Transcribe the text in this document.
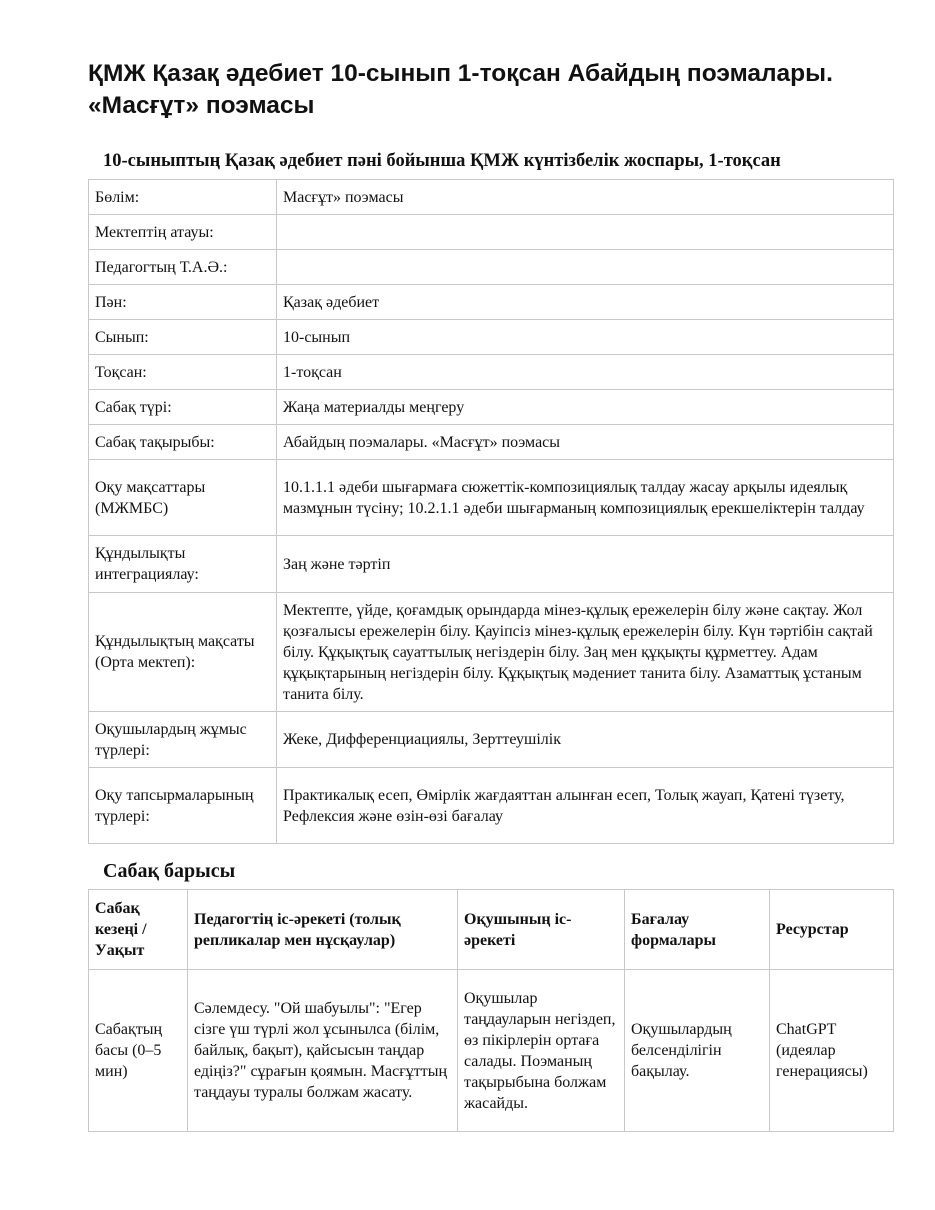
ҚМЖ Қазақ әдебиет 10-сынып 1-тоқсан Абайдың поэмалары. «Масғұт» поэмасы
10-сыныптың Қазақ әдебиет пәні бойынша ҚМЖ күнтізбелік жоспары, 1-тоқсан
Бөлім:	Масғұт» поэмасы
Мектептің атауы:	
Педагогтың Т.А.Ә.:	
Пән:	Қазақ әдебиет
Сынып:	10-сынып
Тоқсан:	1-тоқсан
Сабақ түрі:	Жаңа материалды меңгеру
Сабақ тақырыбы:	Абайдың поэмалары. «Масғұт» поэмасы
Оқу мақсаттары (МЖМБС)	10.1.1.1 әдеби шығармаға сюжеттік-композициялық талдау жасау арқылы идеялық мазмұнын түсіну; 10.2.1.1 әдеби шығарманың композициялық ерекшеліктерін талдау
Құндылықты интеграциялау:	Заң және тәртіп
Құндылықтың мақсаты (Орта мектеп):	Мектепте, үйде, қоғамдық орындарда мінез-құлық ережелерін білу және сақтау. Жол қозғалысы ережелерін білу. Қауіпсіз мінез-құлық ережелерін білу. Күн тәртібін сақтай білу. Құқықтық сауаттылық негіздерін білу. Заң мен құқықты құрметтеу. Адам құқықтарының негіздерін білу. Құқықтық мәдениет танита білу. Азаматтық ұстаным танита білу.
Оқушылардың жұмыс түрлері:	Жеке, Дифференциациялы, Зерттеушілік
Оқу тапсырмаларының түрлері:	Практикалық есеп, Өмірлік жағдаяттан алынған есеп, Толық жауап, Қатені түзету, Рефлексия және өзін-өзі бағалау
Сабақ барысы
Сабақ кезеңі / Уақыт	Педагогтің іс-әрекеті (толық репликалар мен нұсқаулар)	Оқушының іс-әрекеті	Бағалау формалары	Ресурстар
Сабақтың басы (0–5 мин)	Сәлемдесу. "Ой шабуылы": "Егер сізге үш түрлі жол ұсынылса (білім, байлық, бақыт), қайсысын таңдар едіңіз?" сұрағын қоямын. Масғұттың таңдауы туралы болжам жасату.	Оқушылар таңдауларын негіздеп, өз пікірлерін ортаға салады. Поэманың тақырыбына болжам жасайды.	Оқушылардың белсенділігін бақылау.	ChatGPT (идеялар генерациясы)
